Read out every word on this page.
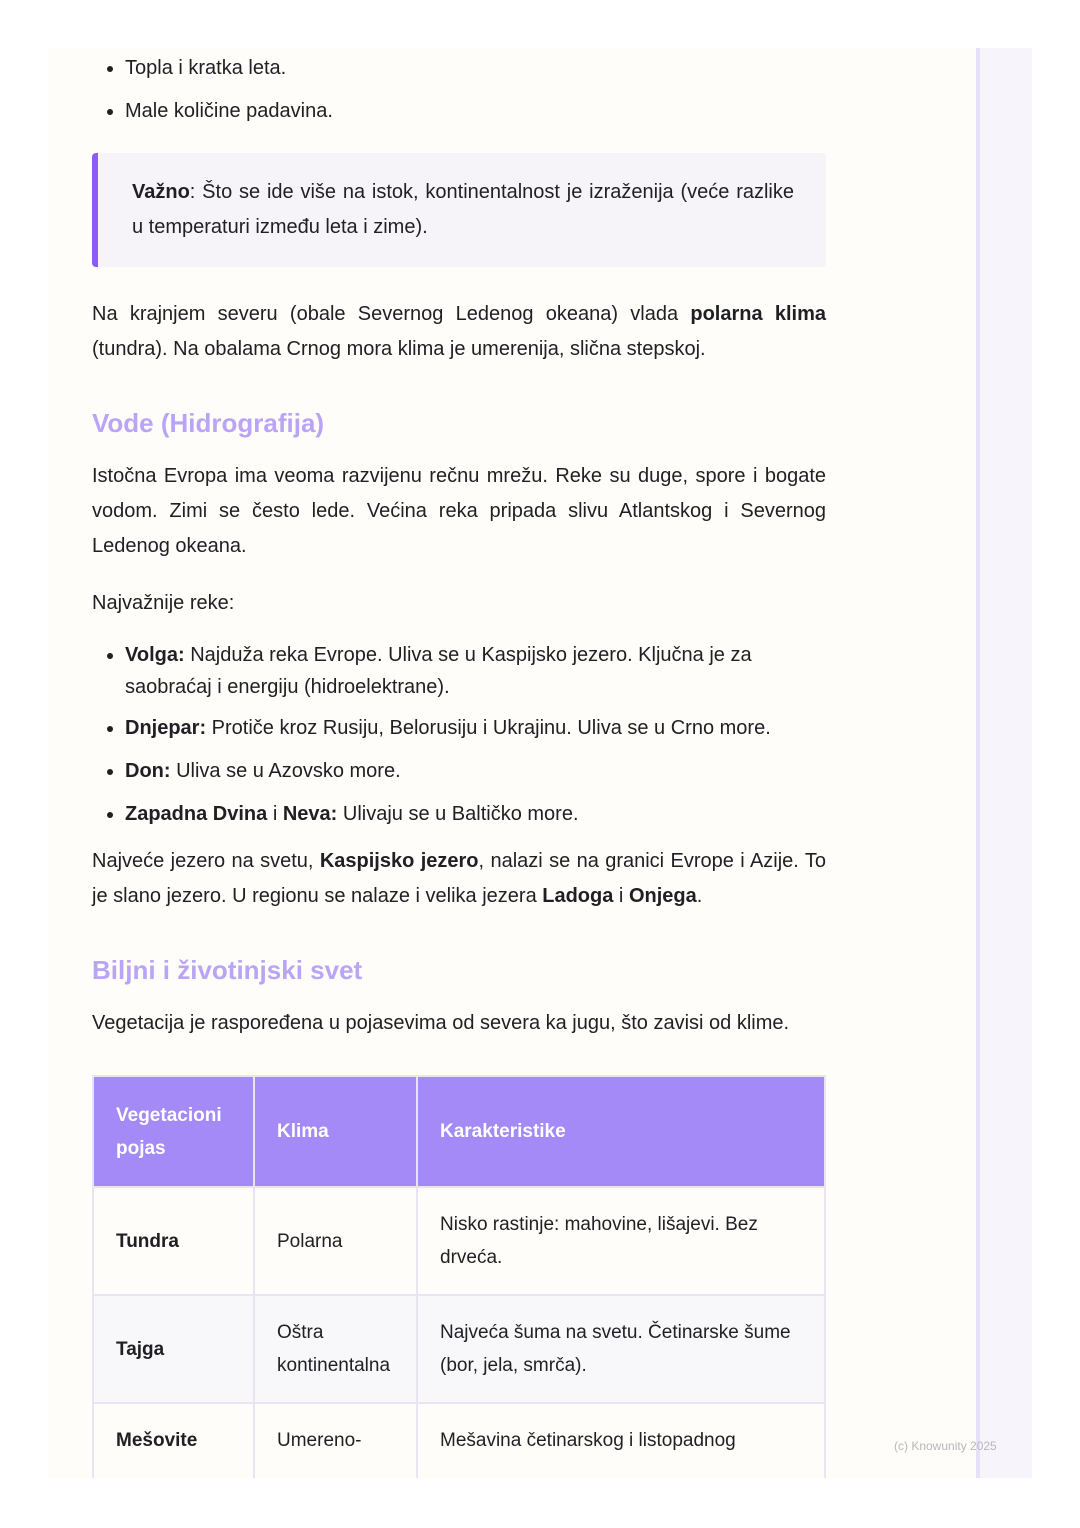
• Topla i kratka leta.
• Male količine padavina.

Važno: Što se ide više na istok, kontinentalnost je izraženija (veće razlike u temperaturi između leta i zime).

Na krajnjem severu (obale Severnog Ledenog okeana) vlada polarna klima (tundra). Na obalama Crnog mora klima je umerenija, slična stepskoj.

Vode (Hidrografija)

Istočna Evropa ima veoma razvijenu rečnu mrežu. Reke su duge, spore i bogate vodom. Zimi se često lede. Većina reka pripada slivu Atlantskog i Severnog Ledenog okeana.

Najvažnije reke:

• Volga: Najduža reka Evrope. Uliva se u Kaspijsko jezero. Ključna je za saobraćaj i energiju (hidroelektrane).
• Dnjepar: Protiče kroz Rusiju, Belorusiju i Ukrajinu. Uliva se u Crno more.
• Don: Uliva se u Azovsko more.
• Zapadna Dvina i Neva: Ulivaju se u Baltičko more.

Najveće jezero na svetu, Kaspijsko jezero, nalazi se na granici Evrope i Azije. To je slano jezero. U regionu se nalaze i velika jezera Ladoga i Onjega.

Biljni i životinjski svet

Vegetacija je raspoređena u pojasevima od severa ka jugu, što zavisi od klime.

Vegetacioni pojas	Klima	Karakteristike
Tundra	Polarna	Nisko rastinje: mahovine, lišajevi. Bez drveća.
Tajga	Oštra kontinentalna	Najveća šuma na svetu. Četinarske šume (bor, jela, smrča).
Mešovite	Umereno-	Mešavina četinarskog i listopadnog	(c) Knowunity 2025
